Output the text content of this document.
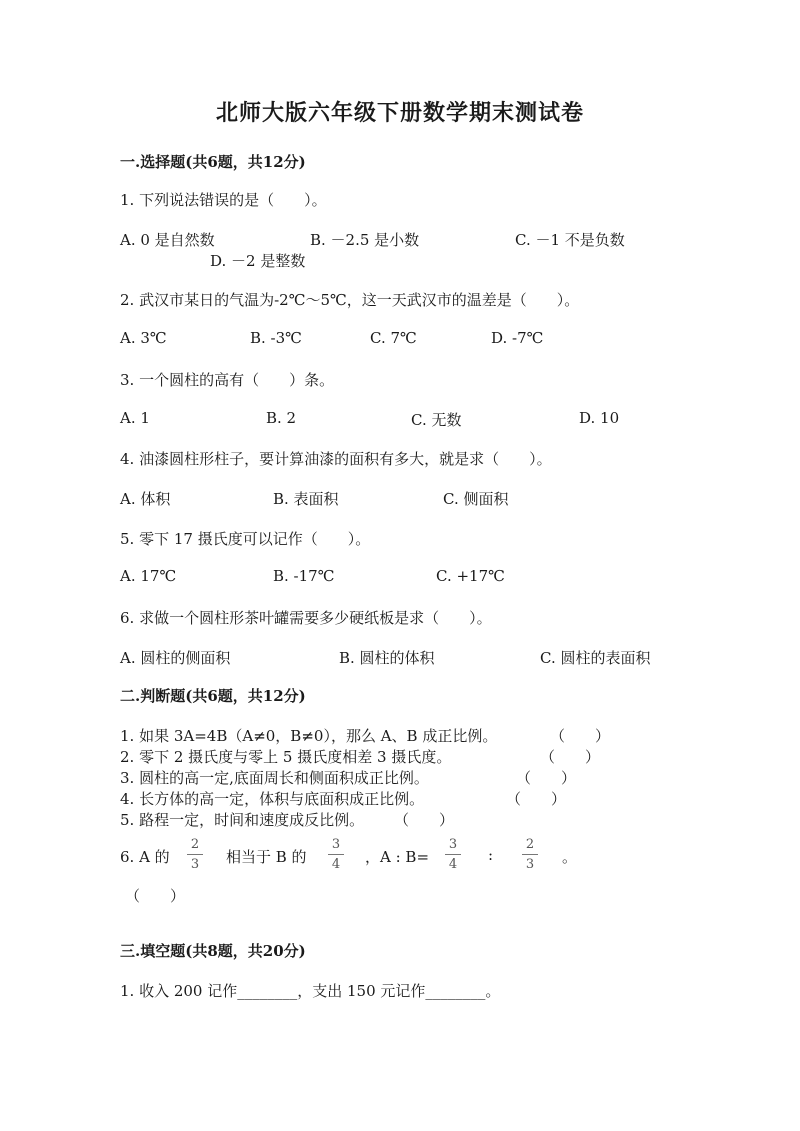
北师大版六年级下册数学期末测试卷
一.选择题(共6题，共12分)
1. 下列说法错误的是（　　）。
A. 0 是自然数	B. －2.5 是小数	C. －1 不是负数
D. －2 是整数
2. 武汉市某日的气温为-2℃～5℃，这一天武汉市的温差是（　　）。
A. 3℃	B. -3℃	C. 7℃	D. -7℃
3. 一个圆柱的高有（　　）条。
A. 1	B. 2	C. 无数	D. 10
4. 油漆圆柱形柱子，要计算油漆的面积有多大，就是求（　　）。
A. 体积	B. 表面积	C. 侧面积
5. 零下 17 摄氏度可以记作（　　）。
A. 17℃	B. -17℃	C. +17℃
6. 求做一个圆柱形茶叶罐需要多少硬纸板是求（　　）。
A. 圆柱的侧面积	B. 圆柱的体积	C. 圆柱的表面积
二.判断题(共6题，共12分)
1. 如果 3A=4B（A≠0，B≠0），那么 A、B 成正比例。	（　　）
2. 零下 2 摄氏度与零上 5 摄氏度相差 3 摄氏度。	（　　）
3. 圆柱的高一定,底面周长和侧面积成正比例。	（　　）
4. 长方体的高一定，体积与底面积成正比例。	（　　）
5. 路程一定，时间和速度成反比例。 （　　）
6. A 的
2
3	相当于 B 的
3
4	，A : B=
3
4
:
2
3	。
（　　）
三.填空题(共8题，共20分)
1. 收入 200 记作________，支出 150 元记作________。
